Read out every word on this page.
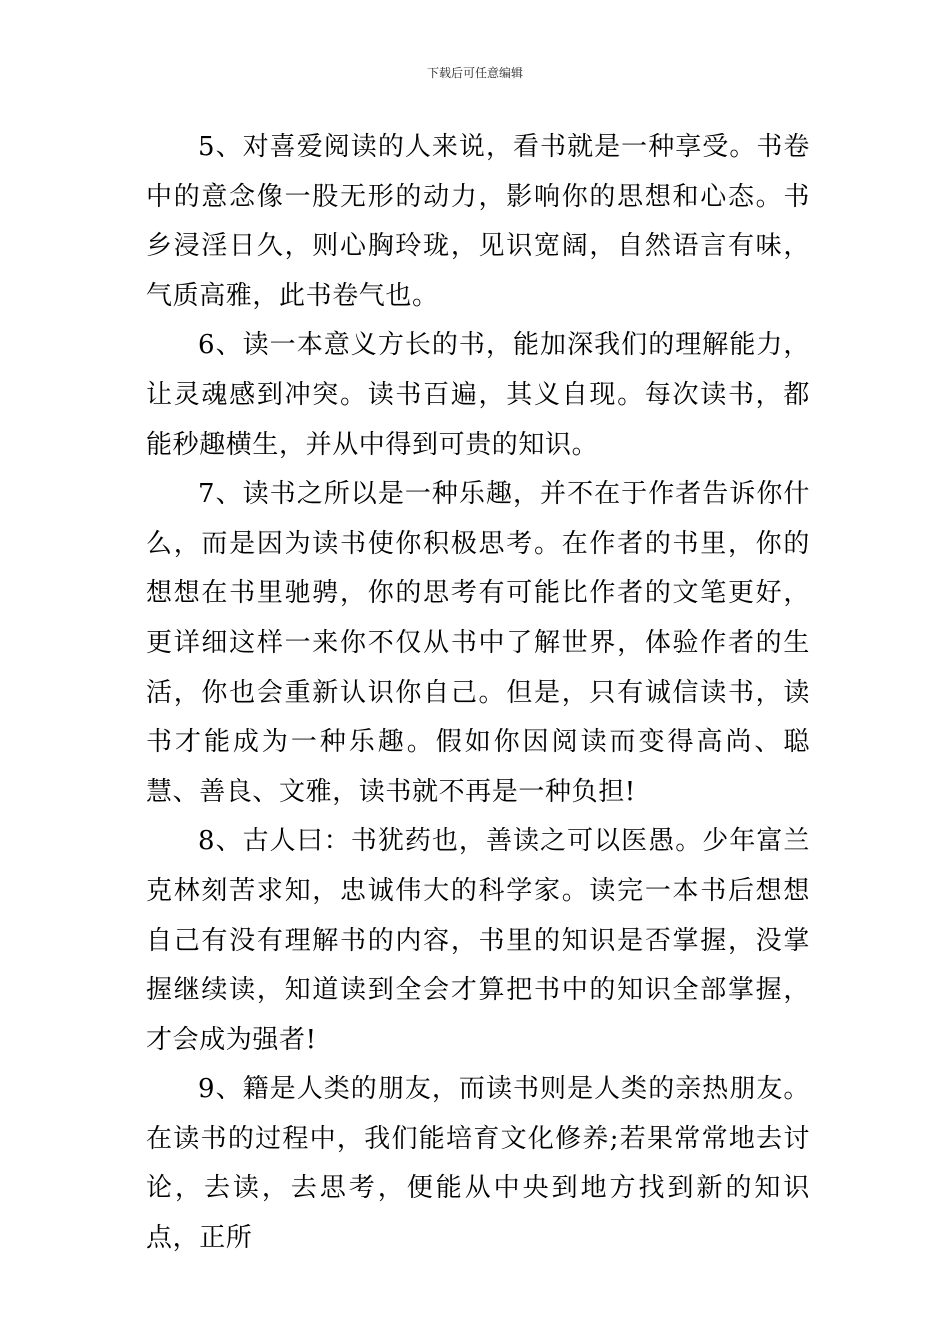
下载后可任意编辑

5、对喜爱阅读的人来说，看书就是一种享受。书卷中的意念像一股无形的动力，影响你的思想和心态。书乡浸淫日久，则心胸玲珑，见识宽阔，自然语言有味，气质高雅，此书卷气也。

6、读一本意义方长的书，能加深我们的理解能力，让灵魂感到冲突。读书百遍，其义自现。每次读书，都能秒趣横生，并从中得到可贵的知识。

7、读书之所以是一种乐趣，并不在于作者告诉你什么，而是因为读书使你积极思考。在作者的书里，你的想想在书里驰骋，你的思考有可能比作者的文笔更好，更详细这样一来你不仅从书中了解世界，体验作者的生活，你也会重新认识你自己。但是，只有诚信读书，读书才能成为一种乐趣。假如你因阅读而变得高尚、聪慧、善良、文雅，读书就不再是一种负担!

8、古人曰：书犹药也，善读之可以医愚。少年富兰克林刻苦求知，忠诚伟大的科学家。读完一本书后想想自己有没有理解书的内容，书里的知识是否掌握，没掌握继续读，知道读到全会才算把书中的知识全部掌握，才会成为强者!

9、籍是人类的朋友，而读书则是人类的亲热朋友。在读书的过程中，我们能培育文化修养;若果常常地去讨论，去读，去思考，便能从中央到地方找到新的知识点，正所
